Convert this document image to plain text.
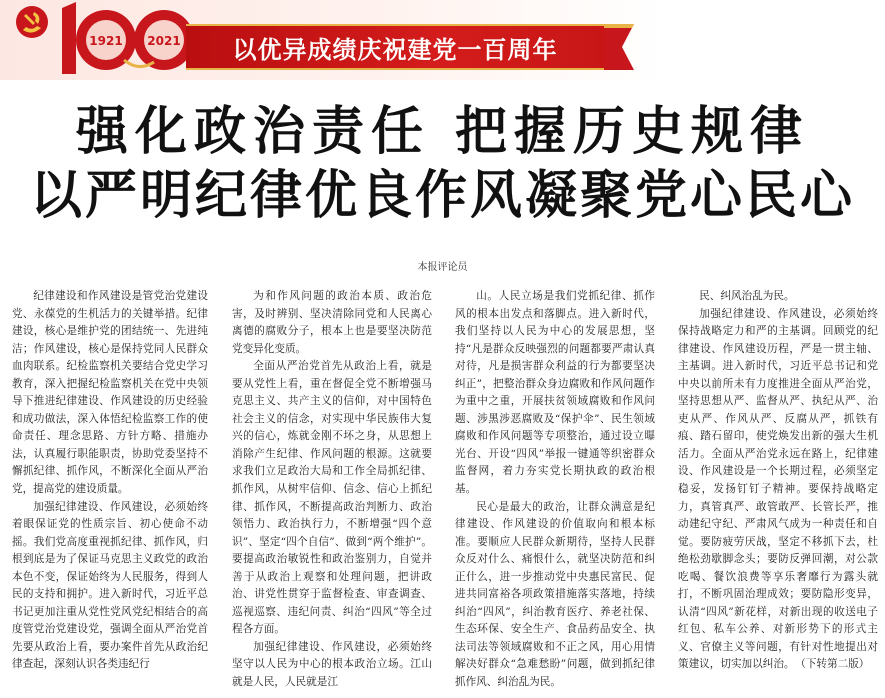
1921 2021	以优异成绩庆祝建党一百周年
强化政治责任 把握历史规律
以严明纪律优良作风凝聚党心民心
本报评论员

纪律建设和作风建设是管党治党建设党、永葆党的生机活力的关键举措。纪律建设，核心是维护党的团结统一、先进纯洁；作风建设，核心是保持党同人民群众血肉联系。纪检监察机关要结合党史学习教育，深入把握纪检监察机关在党中央领导下推进纪律建设、作风建设的历史经验和成功做法，深入体悟纪检监察工作的使命责任、理念思路、方针方略、措施办法，认真履行职能职责，协助党委坚持不懈抓纪律、抓作风，不断深化全面从严治党，提高党的建设质量。

加强纪律建设、作风建设，必须始终着眼保证党的性质宗旨、初心使命不动摇。我们党高度重视抓纪律、抓作风，归根到底是为了保证马克思主义政党的政治本色不变，保证始终为人民服务，得到人民的支持和拥护。进入新时代，习近平总书记更加注重从党性党风党纪相结合的高度管党治党建设党，强调全面从严治党首先要从政治上看，要办案件首先从政治纪律查起，深刻认识各类违纪行

为和作风问题的政治本质、政治危害，及时辨别、坚决清除同党和人民离心离德的腐败分子，根本上也是要坚决防范党变异化变质。

全面从严治党首先从政治上看，就是要从党性上看，重在督促全党不断增强马克思主义、共产主义的信仰，对中国特色社会主义的信念，对实现中华民族伟大复兴的信心，炼就金刚不坏之身，从思想上消除产生纪律、作风问题的根源。这就要求我们立足政治大局和工作全局抓纪律、抓作风，从树牢信仰、信念、信心上抓纪律、抓作风，不断提高政治判断力、政治领悟力、政治执行力，不断增强“四个意识”、坚定“四个自信”、做到“两个维护”。要提高政治敏锐性和政治鉴别力，自觉并善于从政治上观察和处理问题，把讲政治、讲党性贯穿于监督检查、审查调查、巡视巡察、违纪问责、纠治“四风”等全过程各方面。

加强纪律建设、作风建设，必须始终坚守以人民为中心的根本政治立场。江山就是人民，人民就是江

山。人民立场是我们党抓纪律、抓作风的根本出发点和落脚点。进入新时代，我们坚持以人民为中心的发展思想，坚持“凡是群众反映强烈的问题都要严肃认真对待，凡是损害群众利益的行为都要坚决纠正”，把整治群众身边腐败和作风问题作为重中之重，开展扶贫领域腐败和作风问题、涉黑涉恶腐败及“保护伞”、民生领域腐败和作风问题等专项整治，通过设立曝光台、开设“四风”举报一键通等织密群众监督网，着力夯实党长期执政的政治根基。

民心是最大的政治，让群众满意是纪律建设、作风建设的价值取向和根本标准。要顺应人民群众新期待，坚持人民群众反对什么、痛恨什么，就坚决防范和纠正什么，进一步推动党中央惠民富民、促进共同富裕各项政策措施落实落地，持续纠治“四风”，纠治教育医疗、养老社保、生态环保、安全生产、食品药品安全、执法司法等领域腐败和不正之风，用心用情解决好群众“急难愁盼”问题，做到抓纪律抓作风、纠治乱为民。

民、纠风治乱为民。

加强纪律建设、作风建设，必须始终保持战略定力和严的主基调。回顾党的纪律建设、作风建设历程，严是一贯主轴、主基调。进入新时代，习近平总书记和党中央以前所未有力度推进全面从严治党，坚持思想从严、监督从严、执纪从严、治吏从严、作风从严、反腐从严，抓铁有痕、踏石留印，使党焕发出新的强大生机活力。全面从严治党永远在路上，纪律建设、作风建设是一个长期过程，必须坚定稳妥，发扬钉钉子精神。要保持战略定力，真管真严、敢管敢严、长管长严，推动建纪守纪、严肃风气成为一种责任和自觉。要防疲劳厌战，坚定不移抓下去，杜绝松劲歇脚念头；要防反弹回潮，对公款吃喝、餐饮浪费等享乐奢靡行为露头就打，不断巩固治理成效；要防隐形变异，认清“四风”新花样，对新出现的收送电子红包、私车公养、对新形势下的形式主义、官僚主义等问题，有针对性地提出对策建议，切实加以纠治。 （下转第二版）
